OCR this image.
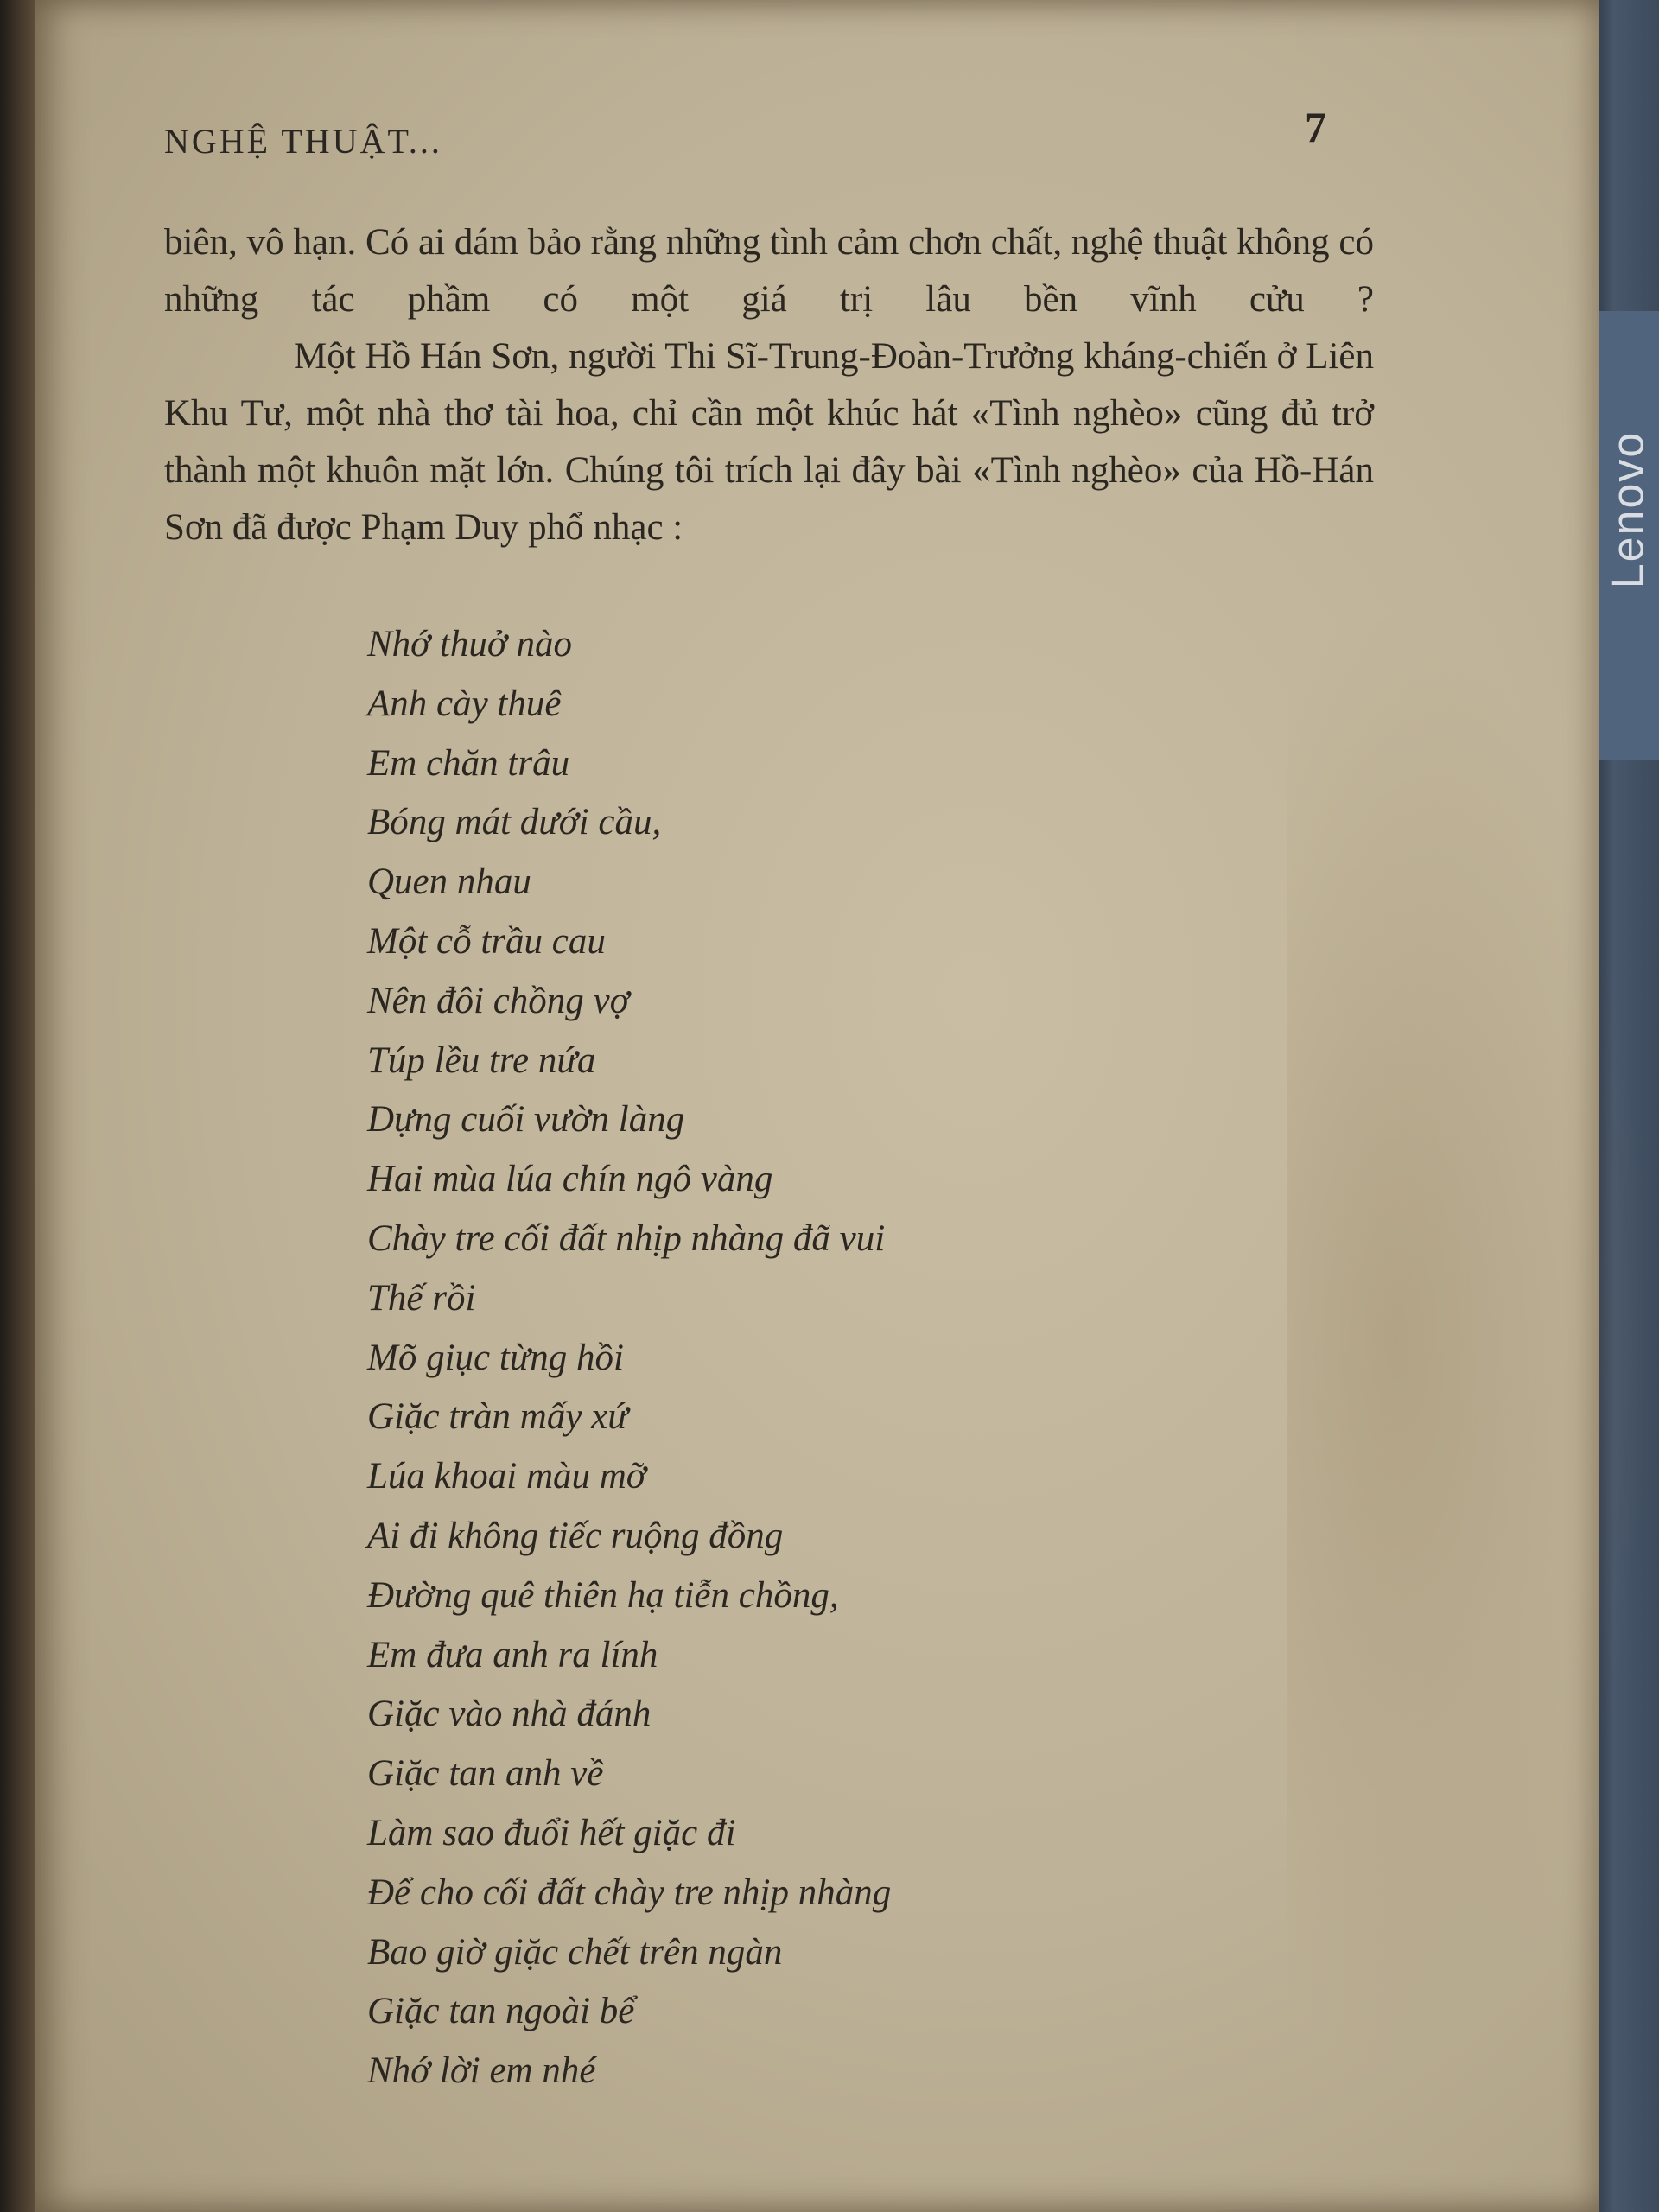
Lenovo
NGHỆ THUẬT...	7

biên, vô hạn. Có ai dám bảo rằng những tình cảm chơn chất, nghệ thuật không có những tác phầm có một giá trị lâu bền vĩnh cửu ?

Một Hồ Hán Sơn, người Thi Sĩ-Trung-Đoàn-Trưởng kháng-chiến ở Liên Khu Tư, một nhà thơ tài hoa, chỉ cần một khúc hát «Tình nghèo» cũng đủ trở thành một khuôn mặt lớn. Chúng tôi trích lại đây bài «Tình nghèo» của Hồ-Hán Sơn đã được Phạm Duy phổ nhạc :

Nhớ thuở nào
Anh cày thuê
Em chăn trâu
Bóng mát dưới cầu,
Quen nhau
Một cỗ trầu cau
Nên đôi chồng vợ
Túp lều tre nứa
Dựng cuối vườn làng
Hai mùa lúa chín ngô vàng
Chày tre cối đất nhịp nhàng đã vui
Thế rồi
Mõ giục từng hồi
Giặc tràn mấy xứ
Lúa khoai màu mỡ
Ai đi không tiếc ruộng đồng
Đường quê thiên hạ tiễn chồng,
Em đưa anh ra lính
Giặc vào nhà đánh
Giặc tan anh về
Làm sao đuổi hết giặc đi
Để cho cối đất chày tre nhịp nhàng
Bao giờ giặc chết trên ngàn
Giặc tan ngoài bể
Nhớ lời em nhé
